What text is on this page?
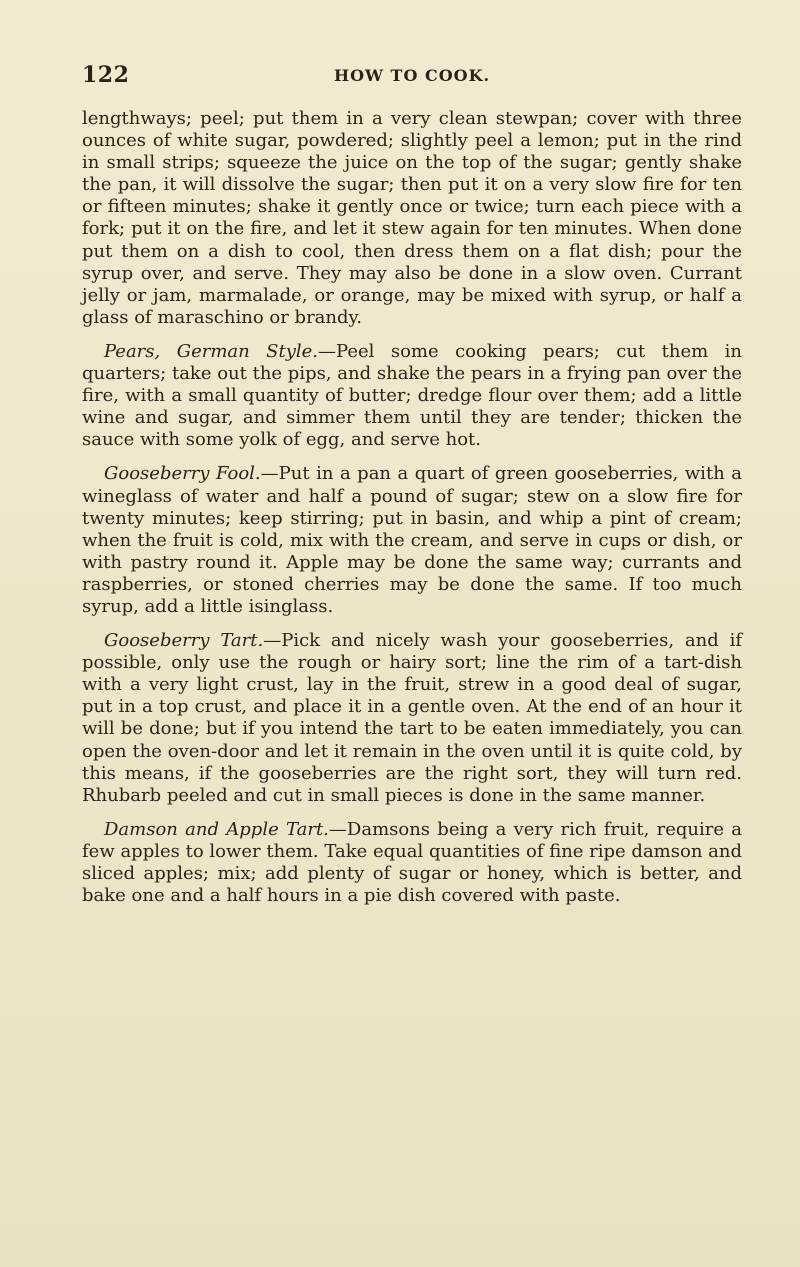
122	HOW TO COOK.

lengthways; peel; put them in a very clean stewpan; cover with three ounces of white sugar, powdered; slightly peel a lemon; put in the rind in small strips; squeeze the juice on the top of the sugar; gently shake the pan, it will dissolve the sugar; then put it on a very slow fire for ten or fifteen minutes; shake it gently once or twice; turn each piece with a fork; put it on the fire, and let it stew again for ten minutes. When done put them on a dish to cool, then dress them on a flat dish; pour the syrup over, and serve. They may also be done in a slow oven. Currant jelly or jam, marmalade, or orange, may be mixed with syrup, or half a glass of maraschino or brandy.

Pears, German Style.—Peel some cooking pears; cut them in quarters; take out the pips, and shake the pears in a frying pan over the fire, with a small quantity of butter; dredge flour over them; add a little wine and sugar, and simmer them until they are tender; thicken the sauce with some yolk of egg, and serve hot.

Gooseberry Fool.—Put in a pan a quart of green gooseberries, with a wineglass of water and half a pound of sugar; stew on a slow fire for twenty minutes; keep stirring; put in basin, and whip a pint of cream; when the fruit is cold, mix with the cream, and serve in cups or dish, or with pastry round it. Apple may be done the same way; currants and raspberries, or stoned cherries may be done the same. If too much syrup, add a little isinglass.

Gooseberry Tart.—Pick and nicely wash your gooseberries, and if possible, only use the rough or hairy sort; line the rim of a tart-dish with a very light crust, lay in the fruit, strew in a good deal of sugar, put in a top crust, and place it in a gentle oven. At the end of an hour it will be done; but if you intend the tart to be eaten immediately, you can open the oven-door and let it remain in the oven until it is quite cold, by this means, if the gooseberries are the right sort, they will turn red. Rhubarb peeled and cut in small pieces is done in the same manner.

Damson and Apple Tart.—Damsons being a very rich fruit, require a few apples to lower them. Take equal quantities of fine ripe damson and sliced apples; mix; add plenty of sugar or honey, which is better, and bake one and a half hours in a pie dish covered with paste.
